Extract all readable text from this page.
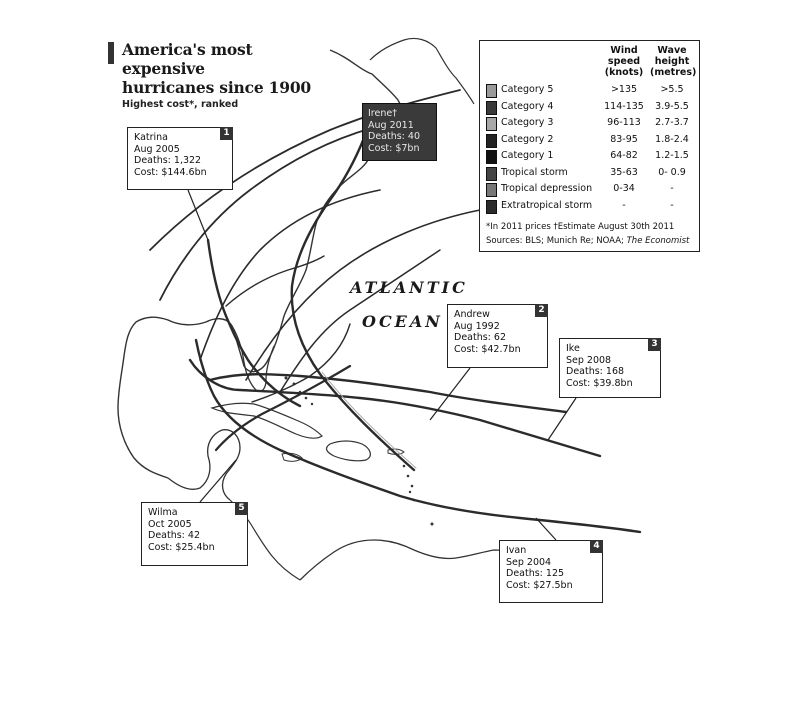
America's most expensive
hurricanes since 1900
Highest cost*, ranked
ATLANTIC
OCEAN
Wind
speed
(knots)
Wave
height
(metres)
Category 5	>135	>5.5
Category 4	114-135	3.9-5.5
Category 3	96-113	2.7-3.7
Category 2	83-95	1.8-2.4
Category 1	64-82	1.2-1.5
Tropical storm	35-63	0- 0.9
Tropical depression	0-34	-
Extratropical storm	-	-
*In 2011 prices †Estimate August 30th 2011
Sources: BLS; Munich Re; NOAA; The Economist
Irene†
Aug 2011
Deaths: 40
Cost: $7bn
1
Katrina
Aug 2005
Deaths: 1,322
Cost: $144.6bn
2
Andrew
Aug 1992
Deaths: 62
Cost: $42.7bn	3
Ike
Sep 2008
Deaths: 168
Cost: $39.8bn
4
Ivan
Sep 2004
Deaths: 125
Cost: $27.5bn
5
Wilma
Oct 2005
Deaths: 42
Cost: $25.4bn
